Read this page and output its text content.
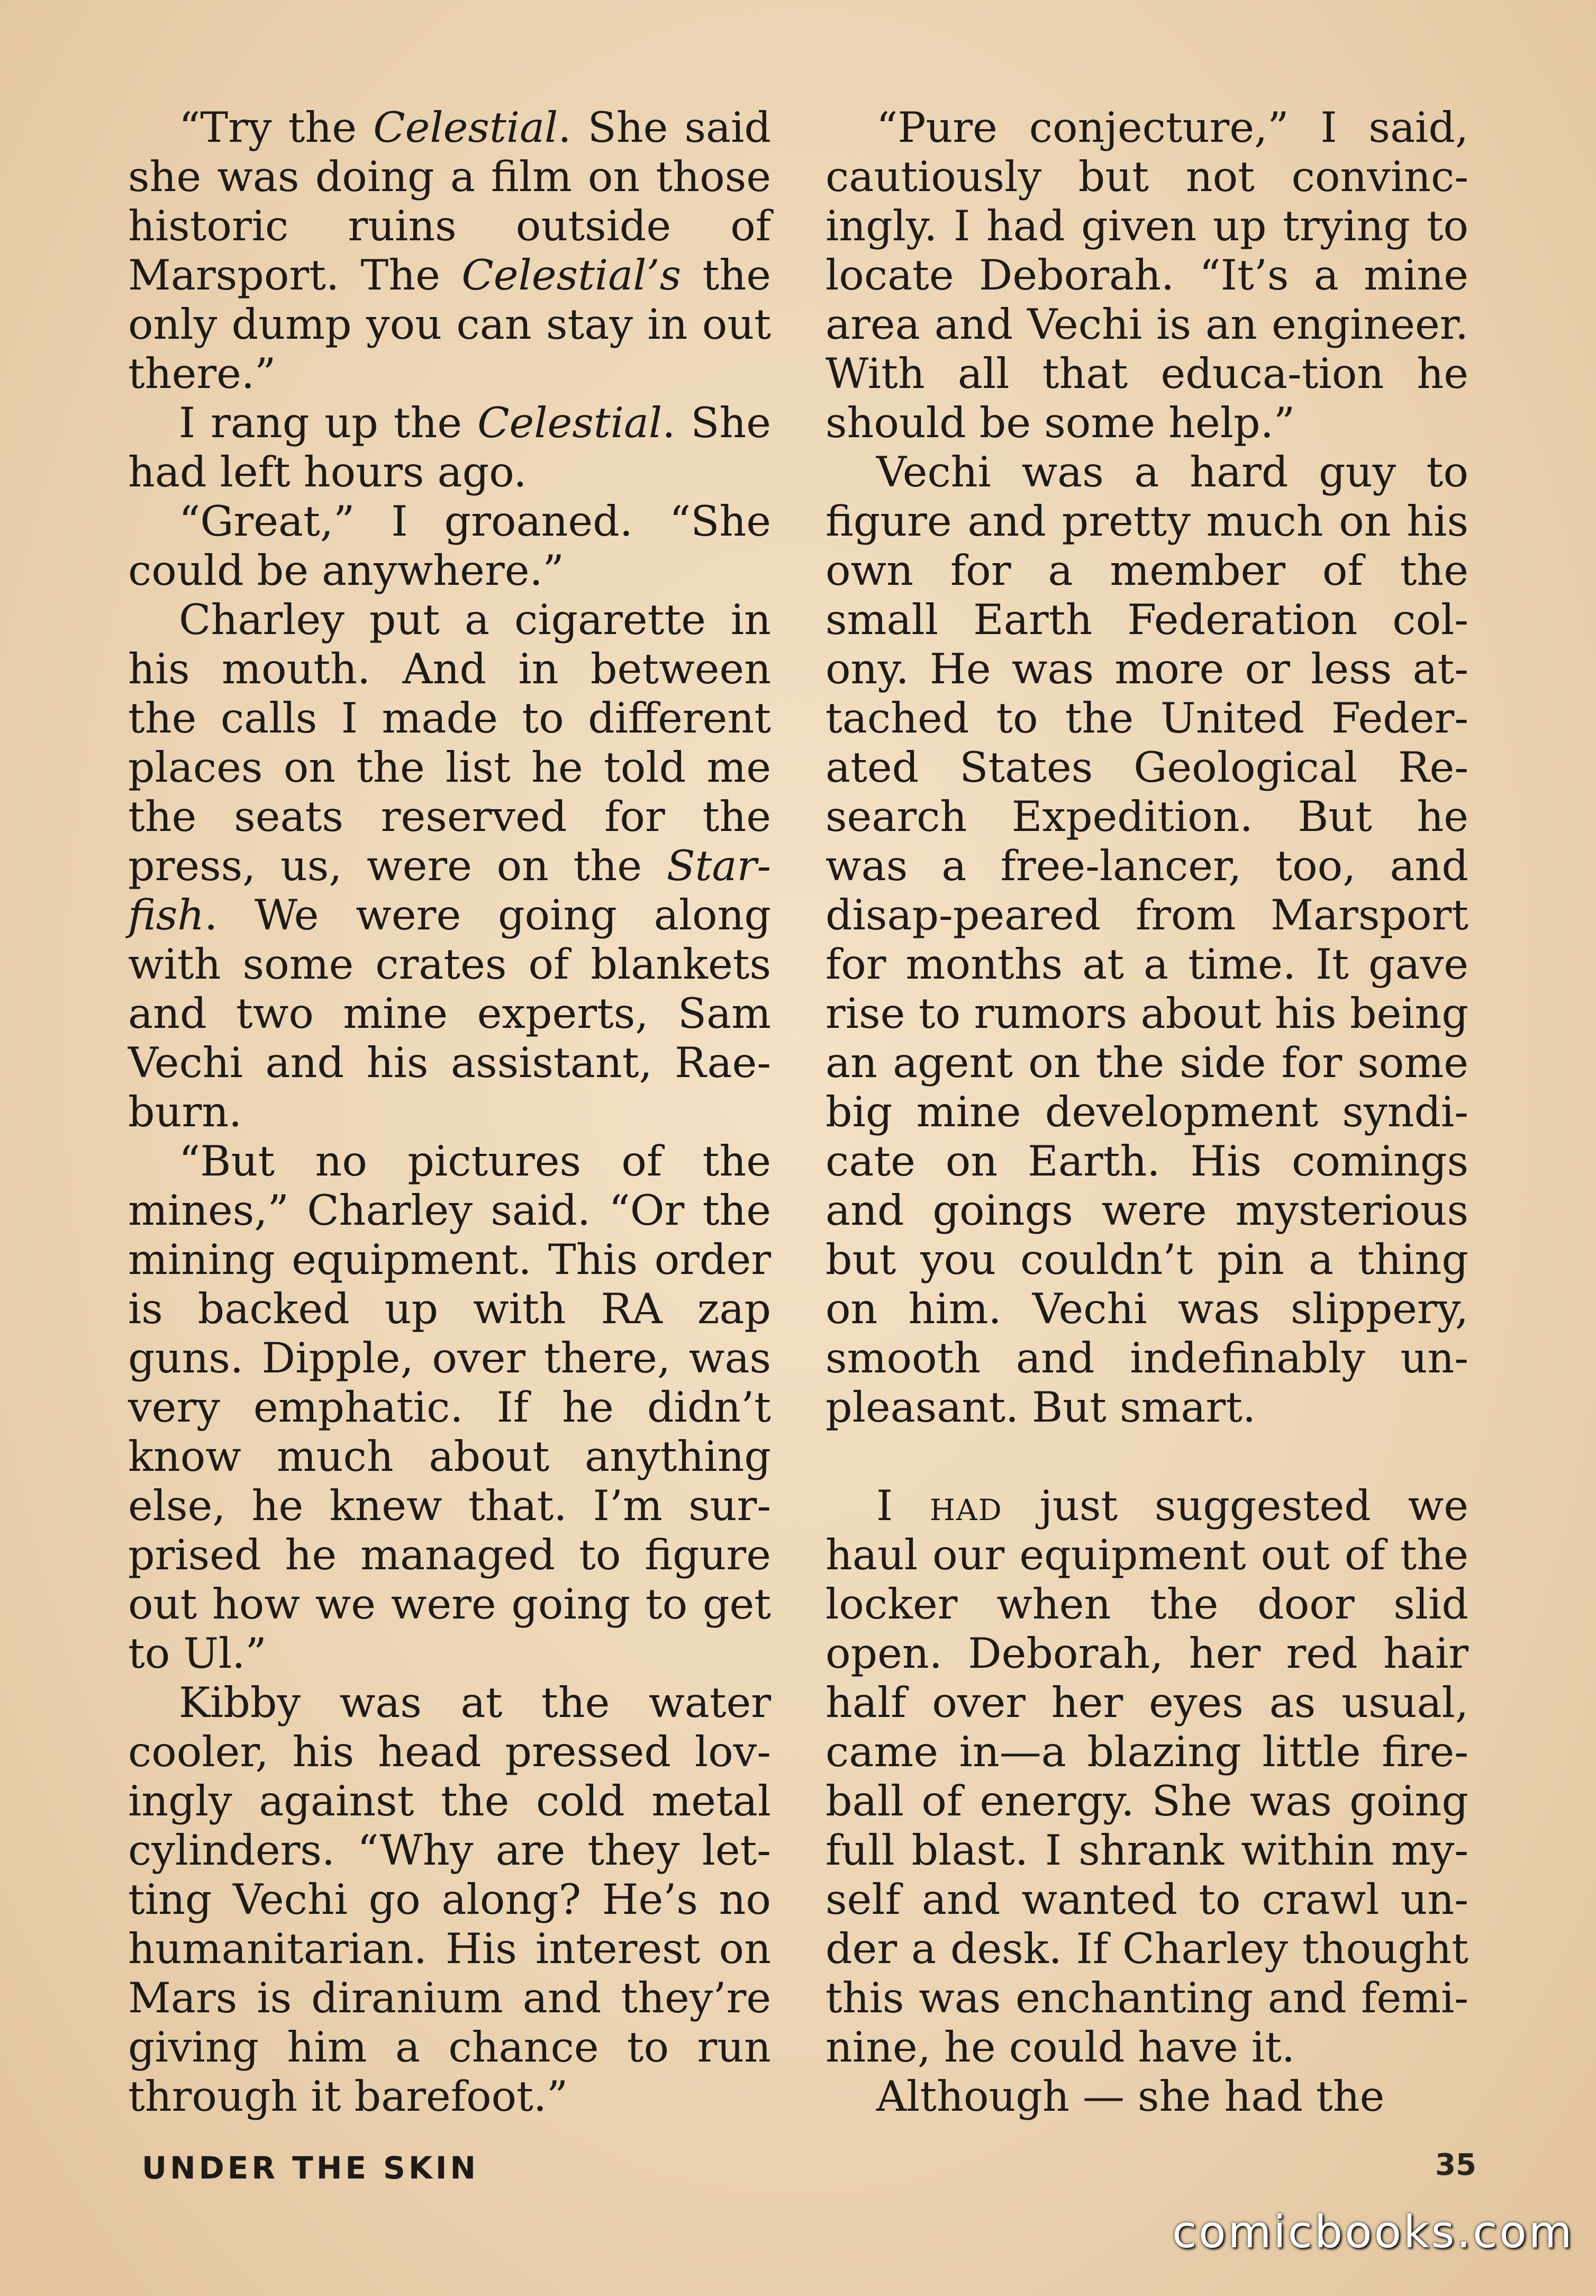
“Try the Celestial. She said she was doing a film on those historic ruins outside of Marsport. The Celestial’s the only dump you can stay in out there.”

I rang up the Celestial. She had left hours ago.

“Great,” I groaned. “She could be anywhere.”

Charley put a cigarette in his mouth. And in between the calls I made to different places on the list he told me the seats reserved for the press, us, were on the Star-fish. We were going along with some crates of blankets and two mine experts, Sam Vechi and his assistant, Rae-burn.

“But no pictures of the mines,” Charley said. “Or the mining equipment. This order is backed up with RA zap guns. Dipple, over there, was very emphatic. If he didn’t know much about anything else, he knew that. I’m sur-prised he managed to figure out how we were going to get to Ul.”

Kibby was at the water cooler, his head pressed lov-ingly against the cold metal cylinders. “Why are they let-ting Vechi go along? He’s no humanitarian. His interest on Mars is diranium and they’re giving him a chance to run through it barefoot.”

“Pure conjecture,” I said, cautiously but not convinc-ingly. I had given up trying to locate Deborah. “It’s a mine area and Vechi is an engineer. With all that educa-tion he should be some help.”

Vechi was a hard guy to figure and pretty much on his own for a member of the small Earth Federation col-ony. He was more or less at-tached to the United Feder-ated States Geological Re-search Expedition. But he was a free-lancer, too, and disap-peared from Marsport for months at a time. It gave rise to rumors about his being an agent on the side for some big mine development syndi-cate on Earth. His comings and goings were mysterious but you couldn’t pin a thing on him. Vechi was slippery, smooth and indefinably un-pleasant. But smart.

I had just suggested we haul our equipment out of the locker when the door slid open. Deborah, her red hair half over her eyes as usual, came in—a blazing little fire-ball of energy. She was going full blast. I shrank within my-self and wanted to crawl un-der a desk. If Charley thought this was enchanting and femi-nine, he could have it.

Although — she had the

UNDER THE SKIN	35
comicbooks.com
